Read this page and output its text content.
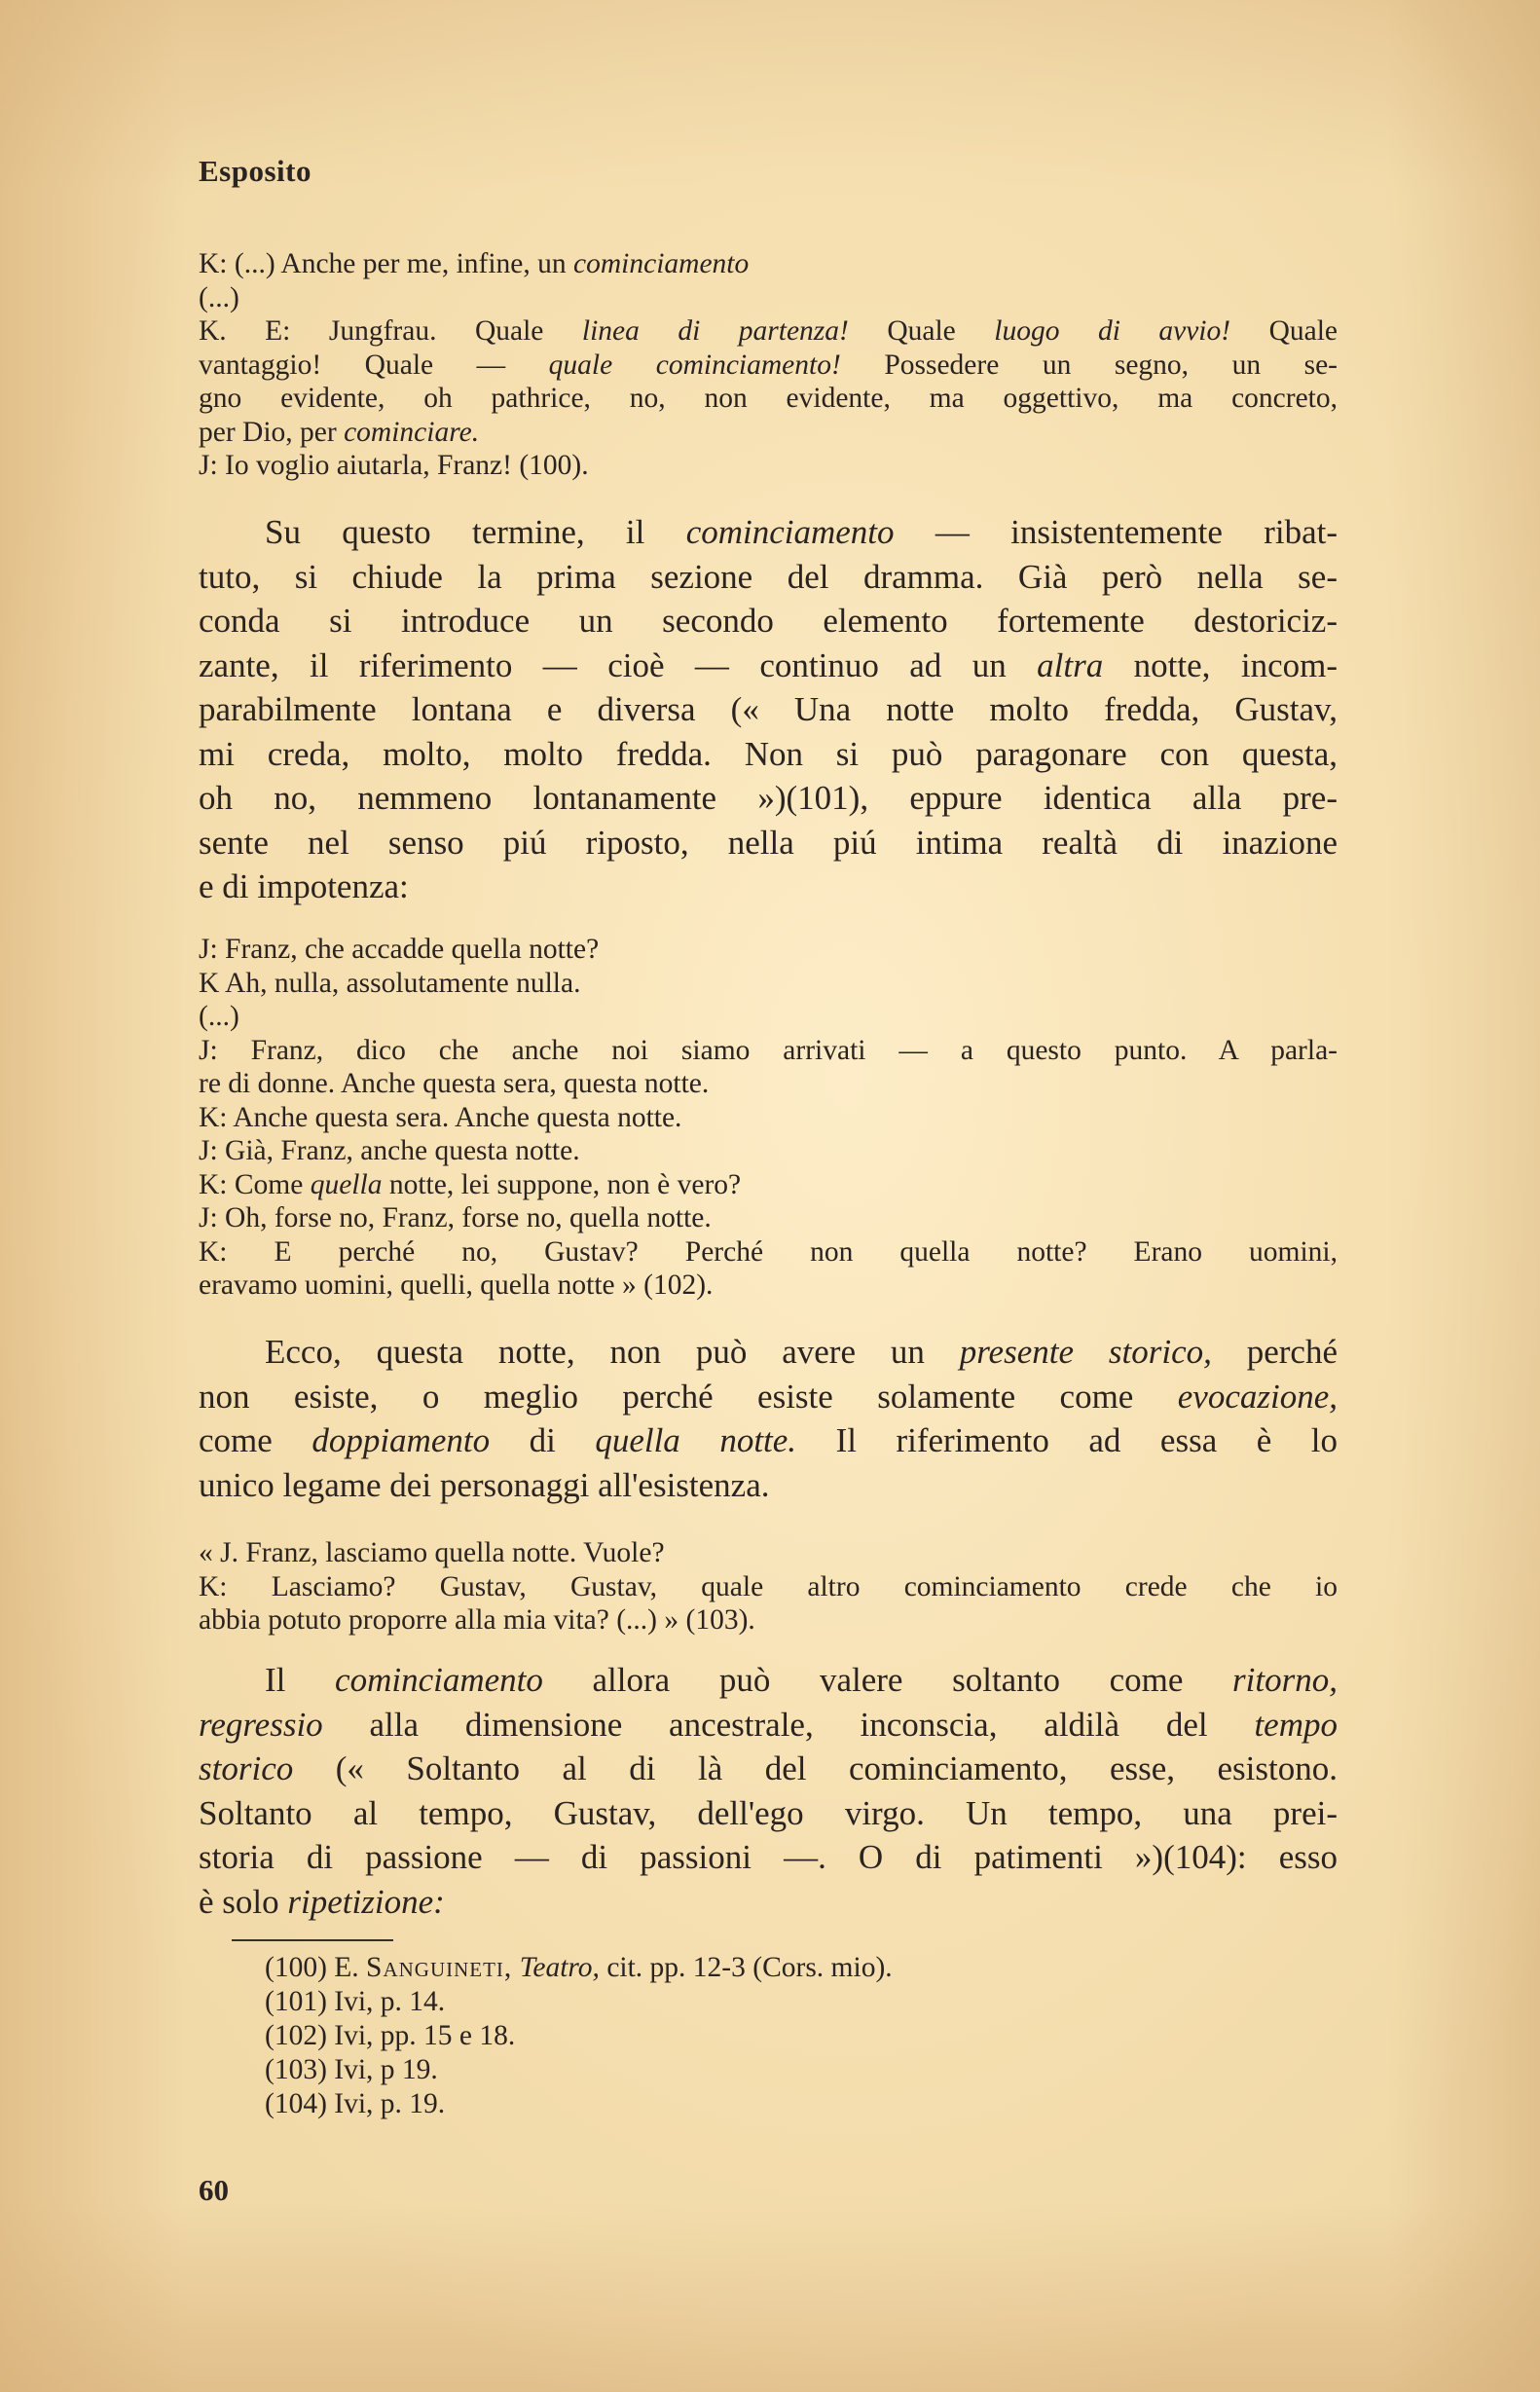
Esposito
K: (...) Anche per me, infine, un cominciamento
(...)
K. E: Jungfrau. Quale linea di partenza! Quale luogo di avvio! Quale
vantaggio! Quale — quale cominciamento! Possedere un segno, un se-
gno evidente, oh pathrice, no, non evidente, ma oggettivo, ma concreto,
per Dio, per cominciare.
J: Io voglio aiutarla, Franz! (100).
Su questo termine, il cominciamento — insistentemente ribat-
tuto, si chiude la prima sezione del dramma. Già però nella se-
conda si introduce un secondo elemento fortemente destoriciz-
zante, il riferimento — cioè — continuo ad un altra notte, incom-
parabilmente lontana e diversa (« Una notte molto fredda, Gustav,
mi creda, molto, molto fredda. Non si può paragonare con questa,
oh no, nemmeno lontanamente »)(101), eppure identica alla pre-
sente nel senso piú riposto, nella piú intima realtà di inazione
e di impotenza:
J: Franz, che accadde quella notte?
K Ah, nulla, assolutamente nulla.
(...)
J: Franz, dico che anche noi siamo arrivati — a questo punto. A parla-
re di donne. Anche questa sera, questa notte.
K: Anche questa sera. Anche questa notte.
J: Già, Franz, anche questa notte.
K: Come quella notte, lei suppone, non è vero?
J: Oh, forse no, Franz, forse no, quella notte.
K: E perché no, Gustav? Perché non quella notte? Erano uomini,
eravamo uomini, quelli, quella notte » (102).
Ecco, questa notte, non può avere un presente storico, perché
non esiste, o meglio perché esiste solamente come evocazione,
come doppiamento di quella notte. Il riferimento ad essa è lo
unico legame dei personaggi all'esistenza.
« J. Franz, lasciamo quella notte. Vuole?
K: Lasciamo? Gustav, Gustav, quale altro cominciamento crede che io
abbia potuto proporre alla mia vita? (...) » (103).
Il cominciamento allora può valere soltanto come ritorno,
regressio alla dimensione ancestrale, inconscia, aldilà del tempo
storico (« Soltanto al di là del cominciamento, esse, esistono.
Soltanto al tempo, Gustav, dell'ego virgo. Un tempo, una prei-
storia di passione — di passioni —. O di patimenti »)(104): esso
è solo ripetizione:
(100) E. Sanguineti, Teatro, cit. pp. 12-3 (Cors. mio).
(101) Ivi, p. 14.
(102) Ivi, pp. 15 e 18.
(103) Ivi, p 19.
(104) Ivi, p. 19.
60
